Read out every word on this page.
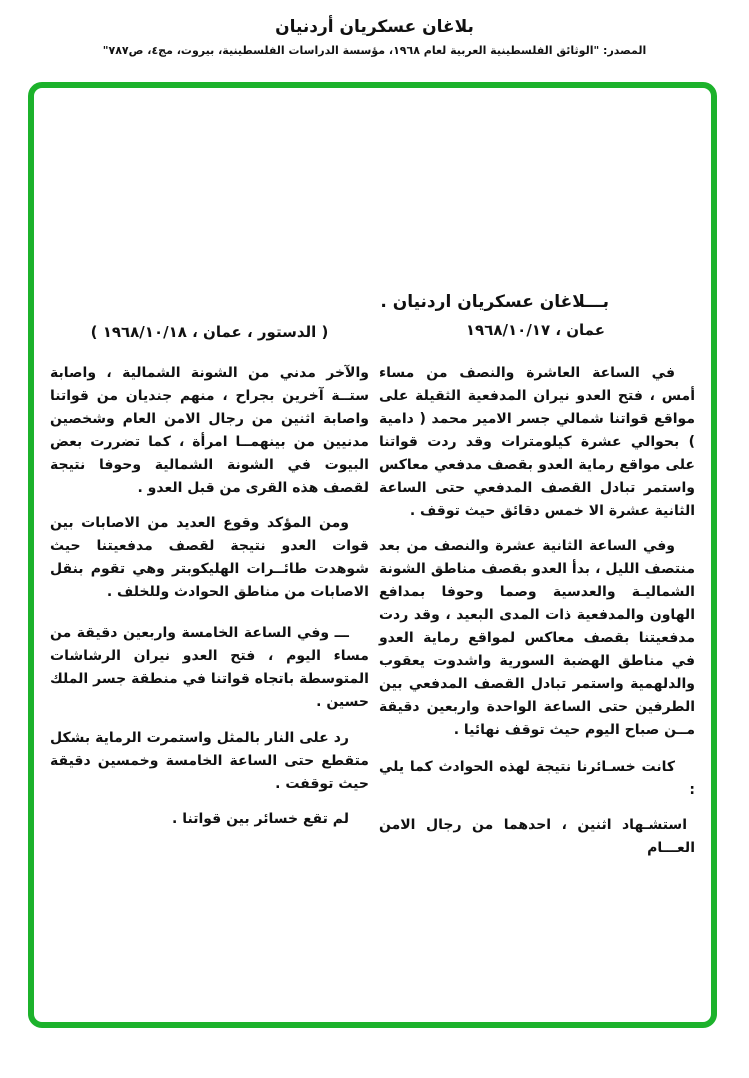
بلاغان عسكريان أردنيان
المصدر: "الوثائق الفلسطينية العربية لعام ١٩٦٨، مؤسسة الدراسات الفلسطينية، بيروت، مج٤، ص٧٨٧"
بـــلاغان عسكريان اردنيان .
عمان ، ١٩٦٨/١٠/١٧

في الساعة العاشرة والنصف من مساء أمس ، فتح العدو نيران المدفعية الثقيلة على مواقع قواتنا شمالي جسر الامير محمد ( دامية ) بحوالي عشرة كيلومترات وقد ردت قواتنا على مواقع رماية العدو بقصف مدفعي معاكس واستمر تبادل القصف المدفعي حتى الساعة الثانية عشرة الا خمس دقائق حيث توقف .

وفي الساعة الثانية عشرة والنصف من بعد منتصف الليل ، بدأ العدو بقصف مناطق الشونة الشماليـة والعدسية وصما وحوفا بمدافع الهاون والمدفعية ذات المدى البعيد ، وقد ردت مدفعيتنا بقصف معاكس لمواقع رماية العدو في مناطق الهضبة السورية واشدوت يعقوب والدلهمية واستمر تبادل القصف المدفعي بين الطرفين حتى الساعة الواحدة واربعين دقيقة مــن صباح اليوم حيث توقف نهائيا .

كانت خسـائرنا نتيجة لهذه الحوادث كما يلي :

استشـهاد اثنين ، احدهما من رجال الامن العـــام

( الدستور ، عمان ، ١٩٦٨/١٠/١٨ )

والآخر مدني من الشونة الشمالية ، واصابة ستــة آخرين بجراح ، منهم جنديان من قواتنا واصابة اثنين من رجال الامن العام وشخصين مدنيين من بينهمــا امرأة ، كما تضررت بعض البيوت في الشونة الشمالية وحوفا نتيجة لقصف هذه القرى من قبل العدو .

ومن المؤكد وقوع العديد من الاصابات بين قوات العدو نتيجة لقصف مدفعيتنا حيث شوهدت طائــرات الهليكوبتر وهي تقوم بنقل الاصابات من مناطق الحوادث وللخلف .

ـــ وفي الساعة الخامسة واربعين دقيقة من مساء اليوم ، فتح العدو نيران الرشاشات المتوسطة باتجاه قواتنا في منطقة جسر الملك حسين .

رد على النار بالمثل واستمرت الرماية بشكل متقطع حتى الساعة الخامسة وخمسين دقيقة حيث توقفت .

لم تقع خسائر بين قواتنا .
